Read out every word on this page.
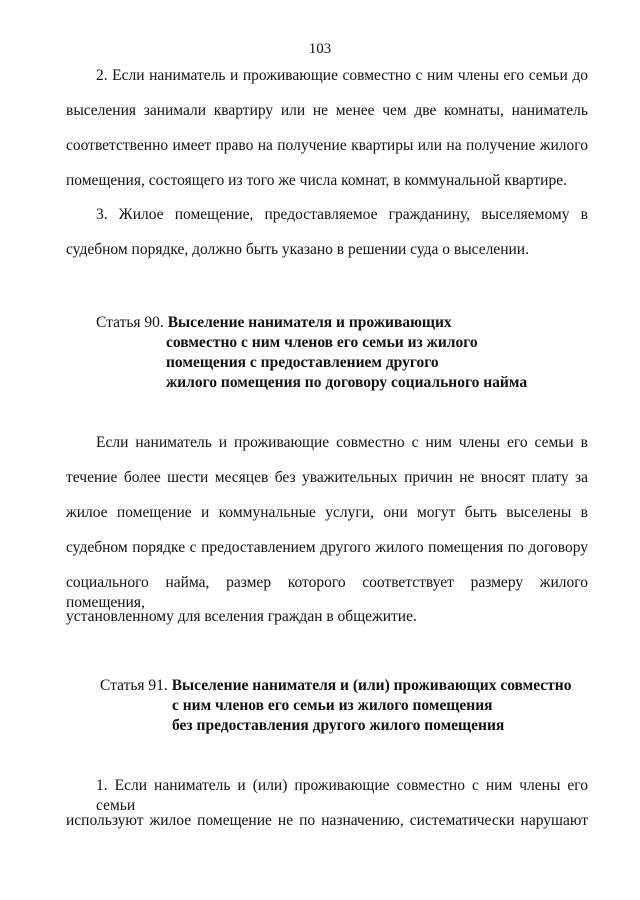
103
2. Если наниматель и проживающие совместно с ним члены его семьи до
выселения занимали квартиру или не менее чем две комнаты, наниматель
соответственно имеет право на получение квартиры или на получение жилого
помещения, состоящего из того же числа комнат, в коммунальной квартире.
3. Жилое помещение, предоставляемое гражданину, выселяемому в
судебном порядке, должно быть указано в решении суда о выселении.
Статья 90. Выселение нанимателя и проживающих
совместно с ним членов его семьи из жилого
помещения с предоставлением другого
жилого помещения по договору социального найма
Если наниматель и проживающие совместно с ним члены его семьи в
течение более шести месяцев без уважительных причин не вносят плату за
жилое помещение и коммунальные услуги, они могут быть выселены в
судебном порядке с предоставлением другого жилого помещения по договору
социального найма, размер которого соответствует размеру жилого помещения,
установленному для вселения граждан в общежитие.
Статья 91. Выселение нанимателя и (или) проживающих совместно
с ним членов его семьи из жилого помещения
без предоставления другого жилого помещения
1. Если наниматель и (или) проживающие совместно с ним члены его семьи
используют жилое помещение не по назначению, систематически нарушают
